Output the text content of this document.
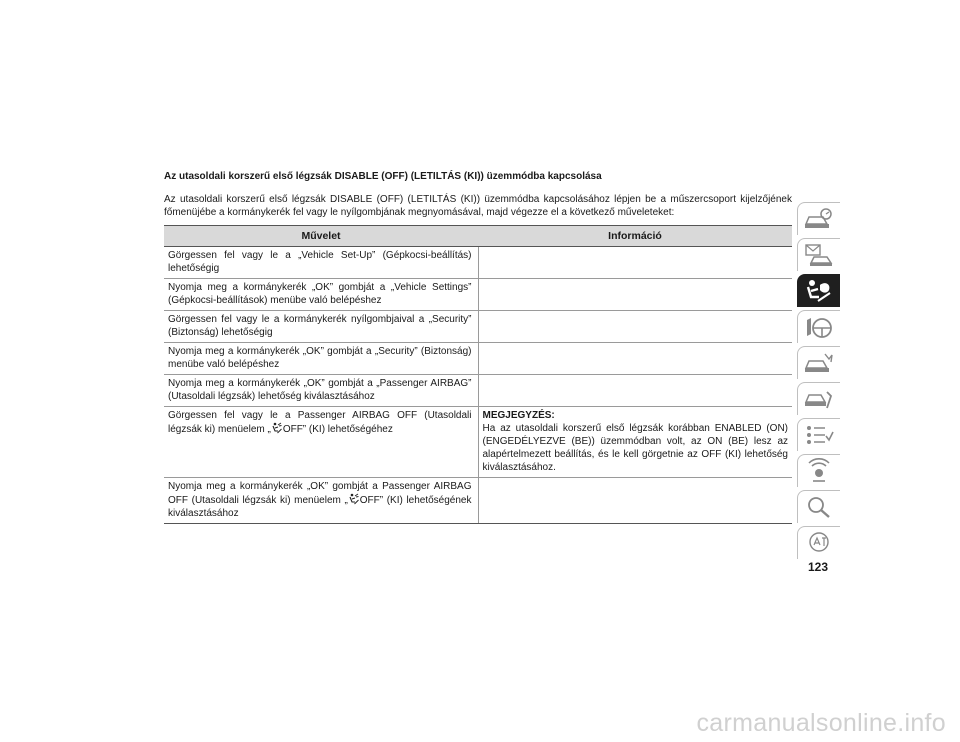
Az utasoldali korszerű első légzsák DISABLE (OFF) (LETILTÁS (KI)) üzemmódba kapcsolása

Az utasoldali korszerű első légzsák DISABLE (OFF) (LETILTÁS (KI)) üzemmódba kapcsolásához lépjen be a műszercsoport kijelzőjének főmenüjébe a kormánykerék fel vagy le nyílgombjának megnyomásával, majd végezze el a következő műveleteket:

Művelet	Információ
Görgessen fel vagy le a „Vehicle Set-Up” (Gépkocsi-beállítás) lehetőségig	
Nyomja meg a kormánykerék „OK” gombját a „Vehicle Settings” (Gépkocsi-beállítások) menübe való belépéshez	
Görgessen fel vagy le a kormánykerék nyílgombjaival a „Security” (Biztonság) lehetőségig	
Nyomja meg a kormánykerék „OK” gombját a „Security” (Biztonság) menübe való belépéshez	
Nyomja meg a kormánykerék „OK” gombját a „Passenger AIRBAG” (Utasoldali légzsák) lehetőség kiválasztásához	
Görgessen fel vagy le a Passenger AIRBAG OFF (Utasoldali légzsák ki) menüelem „ OFF” (KI) lehetőségéhez	MEGJEGYZÉS:
Ha az utasoldali korszerű első légzsák korábban ENABLED (ON) (ENGEDÉLYEZVE (BE)) üzemmódban volt, az ON (BE) lesz az alapértelmezett beállítás, és le kell görgetnie az OFF (KI) lehetőség kiválasztásához.

Nyomja meg a kormánykerék „OK” gombját a Passenger AIRBAG OFF (Utasoldali légzsák ki) menüelem „ OFF” (KI) lehetőségének kiválasztásához	
123
carmanualsonline.info
